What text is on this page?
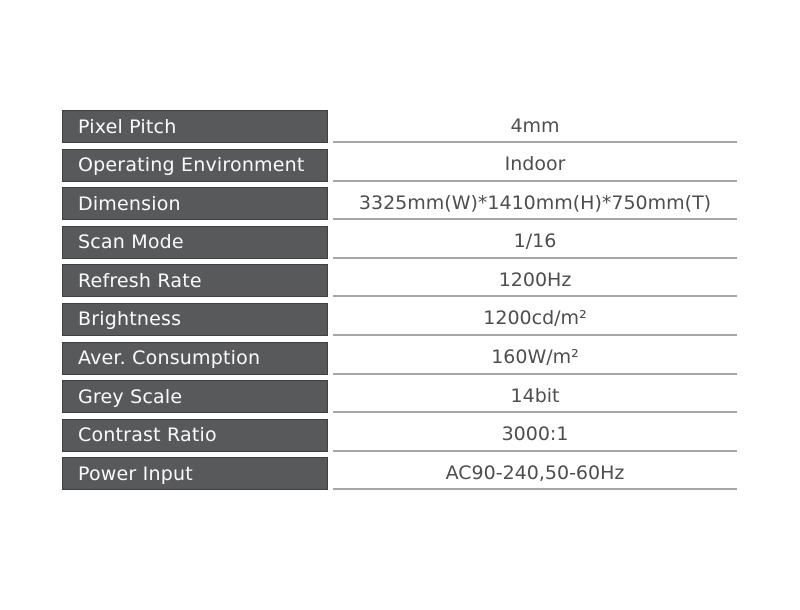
Pixel Pitch	4mm
Operating Environment	Indoor
Dimension	3325mm(W)*1410mm(H)*750mm(T)
Scan Mode	1/16
Refresh Rate	1200Hz
Brightness	1200cd/m²
Aver. Consumption	160W/m²
Grey Scale	14bit
Contrast Ratio	3000:1
Power Input	AC90-240,50-60Hz
